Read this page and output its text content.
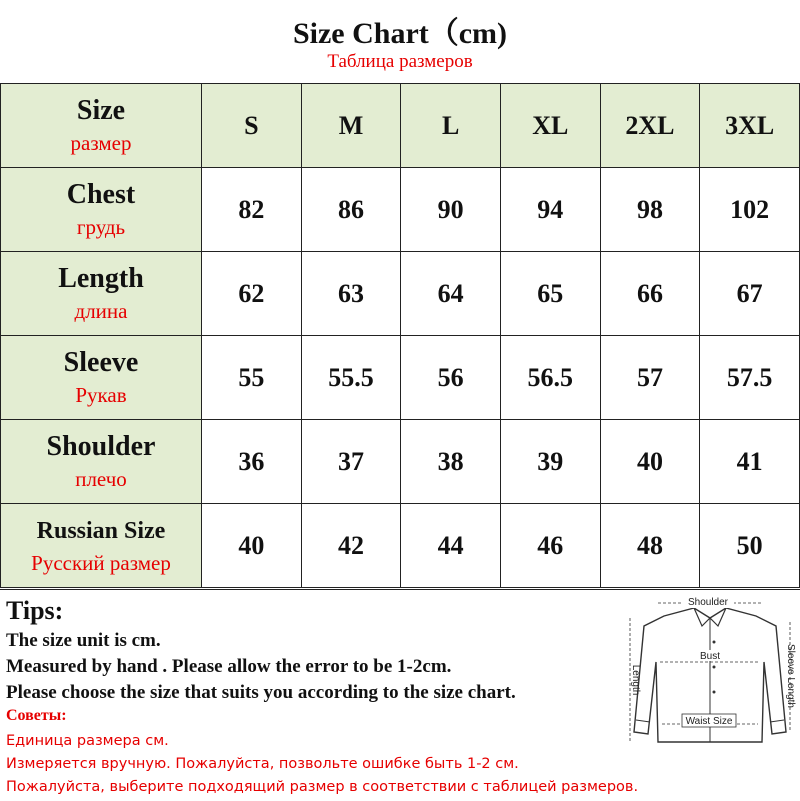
Size Chart（cm)
Таблица размеров
Size
размер	S	M	L	XL	2XL	3XL

Chest
грудь	82	86	90	94	98	102

Length
длина	62	63	64	65	66	67

Sleeve
Рукав	55	55.5	56	56.5	57	57.5

Shoulder
плечо	36	37	38	39	40	41

Russian Size
Русский размер	40	42	44	46	48	50
Tips:
The size unit is cm.
Measured by hand . Please allow the error to be 1-2cm.
Please choose the size that suits you according to the size chart.
Советы:
Единица размера см.
Измеряется вручную. Пожалуйста, позвольте ошибке быть 1-2 см.
Пожалуйста, выберите подходящий размер в соответствии с таблицей размеров.
Shoulder
Length
Bust	Sleeve Length
Waist Size
